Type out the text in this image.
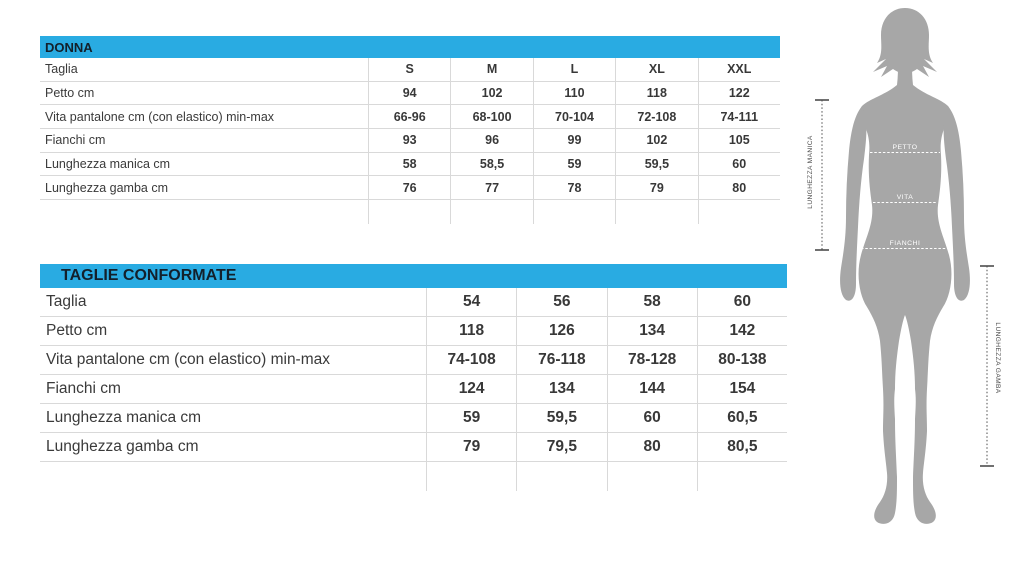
DONNA
Taglia	S	M	L	XL	XXL
Petto cm	94	102	110	118	122
Vita pantalone cm (con elastico) min-max	66-96	68-100	70-104	72-108	74-111
Fianchi cm	93	96	99	102	105
Lunghezza manica cm	58	58,5	59	59,5	60
Lunghezza gamba cm	76	77	78	79	80
TAGLIE CONFORMATE
Taglia	54	56	58	60
Petto cm	118	126	134	142
Vita pantalone cm (con elastico) min-max	74-108	76-118	78-128	80-138
Fianchi cm	124	134	144	154
Lunghezza manica cm	59	59,5	60	60,5
Lunghezza gamba cm	79	79,5	80	80,5
PETTO
VITA
FIANCHI
LUNGHEZZA MANICA
LUNGHEZZA GAMBA
